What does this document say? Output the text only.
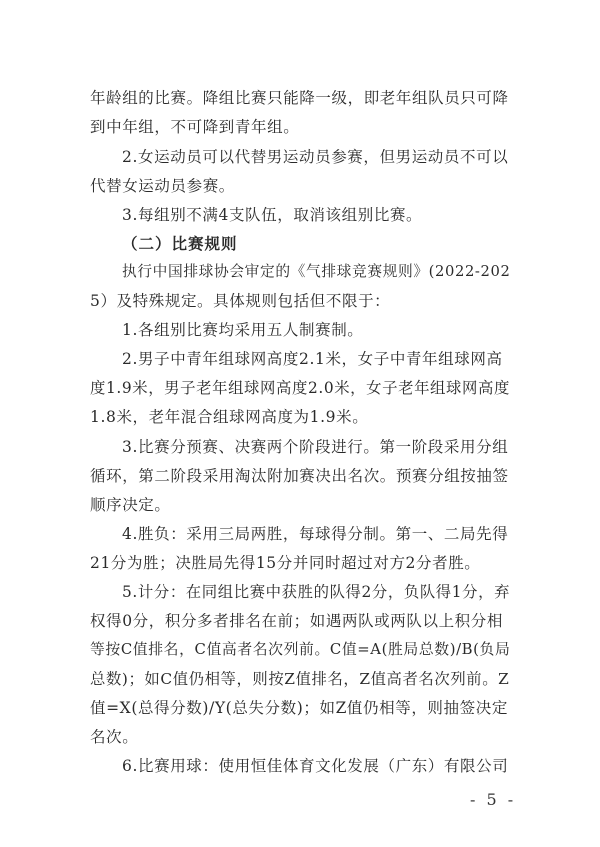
年龄组的比赛。降组比赛只能降一级，即老年组队员只可降
到中年组，不可降到青年组。
2.女运动员可以代替男运动员参赛，但男运动员不可以
代替女运动员参赛。
3.每组别不满4支队伍，取消该组别比赛。
（二）比赛规则
执行中国排球协会审定的《气排球竞赛规则》(2022-202
5）及特殊规定。具体规则包括但不限于：
1.各组别比赛均采用五人制赛制。
2.男子中青年组球网高度2.1米，女子中青年组球网高
度1.9米，男子老年组球网高度2.0米，女子老年组球网高度
1.8米，老年混合组球网高度为1.9米。
3.比赛分预赛、决赛两个阶段进行。第一阶段采用分组
循环，第二阶段采用淘汰附加赛决出名次。预赛分组按抽签
顺序决定。
4.胜负：采用三局两胜，每球得分制。第一、二局先得
21分为胜；决胜局先得15分并同时超过对方2分者胜。
5.计分：在同组比赛中获胜的队得2分，负队得1分，弃
权得0分，积分多者排名在前；如遇两队或两队以上积分相
等按C值排名，C值高者名次列前。C值=A(胜局总数)/B(负局
总数)；如C值仍相等，则按Z值排名，Z值高者名次列前。Z
值=X(总得分数)/Y(总失分数)；如Z值仍相等，则抽签决定
名次。
6.比赛用球：使用恒佳体育文化发展（广东）有限公司
- 5 -
